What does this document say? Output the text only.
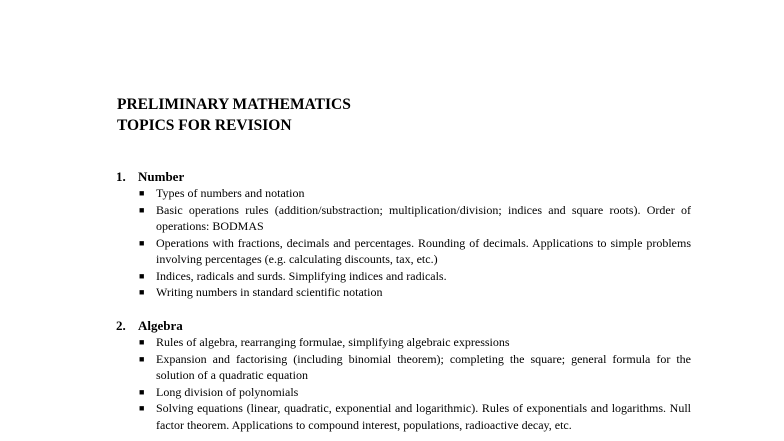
PRELIMINARY MATHEMATICS
TOPICS FOR REVISION
1. Number
■ Types of numbers and notation
■ Basic operations rules (addition/substraction; multiplication/division; indices and square roots). Order of operations: BODMAS
■ Operations with fractions, decimals and percentages. Rounding of decimals. Applications to simple problems involving percentages (e.g. calculating discounts, tax, etc.)
■ Indices, radicals and surds. Simplifying indices and radicals.
■ Writing numbers in standard scientific notation
2. Algebra
■ Rules of algebra, rearranging formulae, simplifying algebraic expressions
■ Expansion and factorising (including binomial theorem); completing the square; general formula for the solution of a quadratic equation
■ Long division of polynomials
■ Solving equations (linear, quadratic, exponential and logarithmic). Rules of exponentials and logarithms. Null factor theorem. Applications to compound interest, populations, radioactive decay, etc.
